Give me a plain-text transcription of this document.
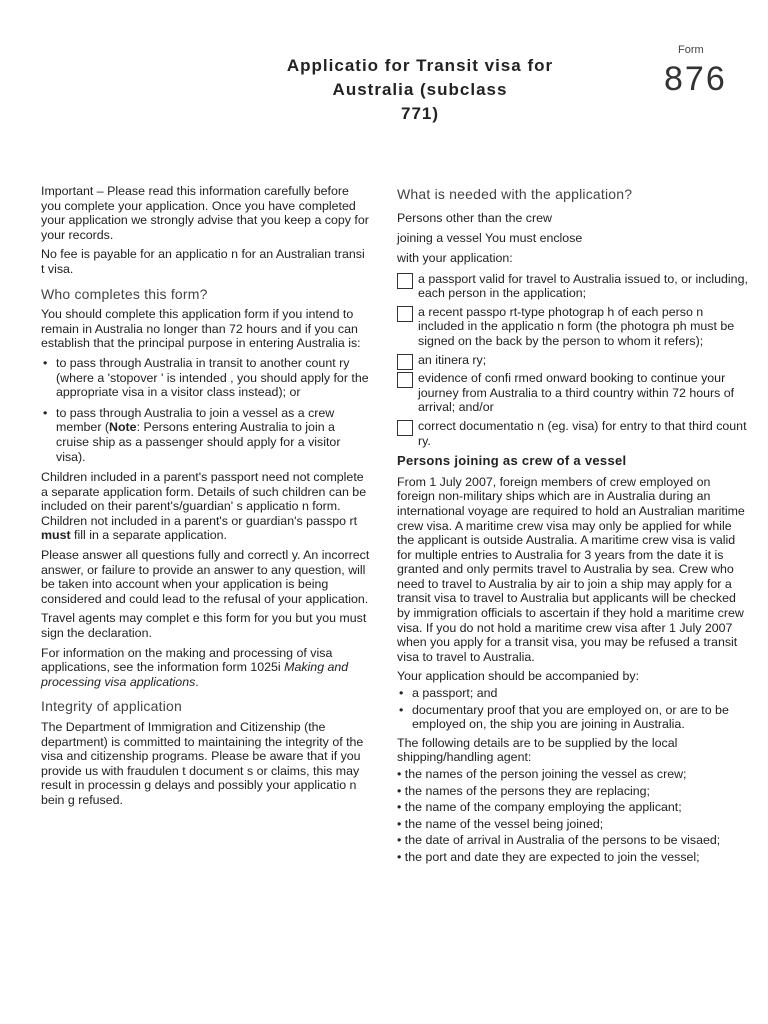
Form
876
Applicatio for Transit visa for
Australia (subclass
771)

Important – Please read this information carefully before you complete your application. Once you have completed your application we strongly advise that you keep a copy for your records.

No fee is payable for an applicatio n for an Australian transi t visa.

Who completes this form?

You should complete this application form if you intend to remain in Australia no longer than 72 hours and if you can establish that the principal purpose in entering Australia is:

• to pass through Australia in transit to another count ry (where a 'stopover ' is intended , you should apply for the appropriate visa in a visitor class instead); or
• to pass through Australia to join a vessel as a crew member (Note: Persons entering Australia to join a cruise ship as a passenger should apply for a visitor visa).

Children included in a parent's passport need not complete a separate application form. Details of such children can be included on their parent's/guardian' s applicatio n form. Children not included in a parent's or guardian's passpo rt must fill in a separate application.

Please answer all questions fully and correctl y. An incorrect answer, or failure to provide an answer to any question, will be taken into account when your application is being considered and could lead to the refusal of your application.

Travel agents may complet e this form for you but you must sign the declaration.

For information on the making and processing of visa applications, see the information form 1025i Making and processing visa applications.

Integrity of application

The Department of Immigration and Citizenship (the department) is committed to maintaining the integrity of the visa and citizenship programs. Please be aware that if you provide us with fraudulen t document s or claims, this may result in processin g delays and possibly your applicatio n bein g refused.

What is needed with the application?

Persons other than the crew

joining a vessel You must enclose

with your application:

a passport valid for travel to Australia issued to, or including, each person in the application;
a recent passpo rt-type photograp h of each perso n included in the applicatio n form (the photogra ph must be signed on the back by the person to whom it refers);
an itinera ry;
evidence of confi rmed onward booking to continue your journey from Australia to a third country within 72 hours of arrival; and/or
correct documentatio n (eg. visa) for entry to that third count ry.
Persons joining as crew of a vessel

From 1 July 2007, foreign members of crew employed on foreign non-military ships which are in Australia during an international voyage are required to hold an Australian maritime crew visa. A maritime crew visa may only be applied for while the applicant is outside Australia. A maritime crew visa is valid for multiple entries to Australia for 3 years from the date it is granted and only permits travel to Australia by sea. Crew who need to travel to Australia by air to join a ship may apply for a transit visa to travel to Australia but applicants will be checked by immigration officials to ascertain if they hold a maritime crew visa. If you do not hold a maritime crew visa after 1 July 2007 when you apply for a transit visa, you may be refused a transit visa to travel to Australia.

Your application should be accompanied by:

• a passport; and
• documentary proof that you are employed on, or are to be employed on, the ship you are joining in Australia.

The following details are to be supplied by the local shipping/handling agent:

• the names of the person joining the vessel as crew;
• the names of the persons they are replacing;
• the name of the company employing the applicant;
• the name of the vessel being joined;
• the date of arrival in Australia of the persons to be visaed;
• the port and date they are expected to join the vessel;
